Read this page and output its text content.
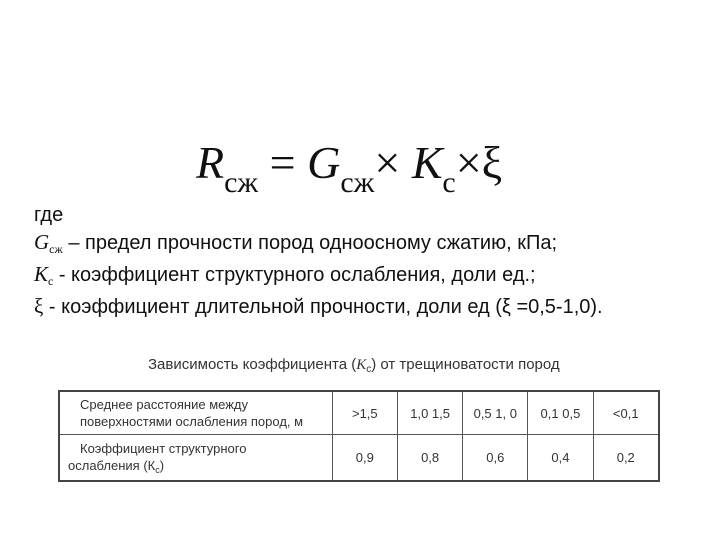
$R_{сж} = G_{сж}\times К_с\times\xi$
где
$G_{сж}$ – предел прочности пород одноосному сжатию, кПа;
$К_с$ - коэффициент структурного ослабления, доли ед.;
ξ - коэффициент длительной прочности, доли ед (ξ =0,5-1,0).
Зависимость коэффициента $(К_с)$ от трещиноватости пород
Среднее расстояние между
поверхностями ослабления пород, м	>1,5	1,0 1,5	0,5 1, 0	0,1 0,5	<0,1

Коэффициент структурного
ослабления $(К_с)$	0,9	0,8	0,6	0,4	0,2
